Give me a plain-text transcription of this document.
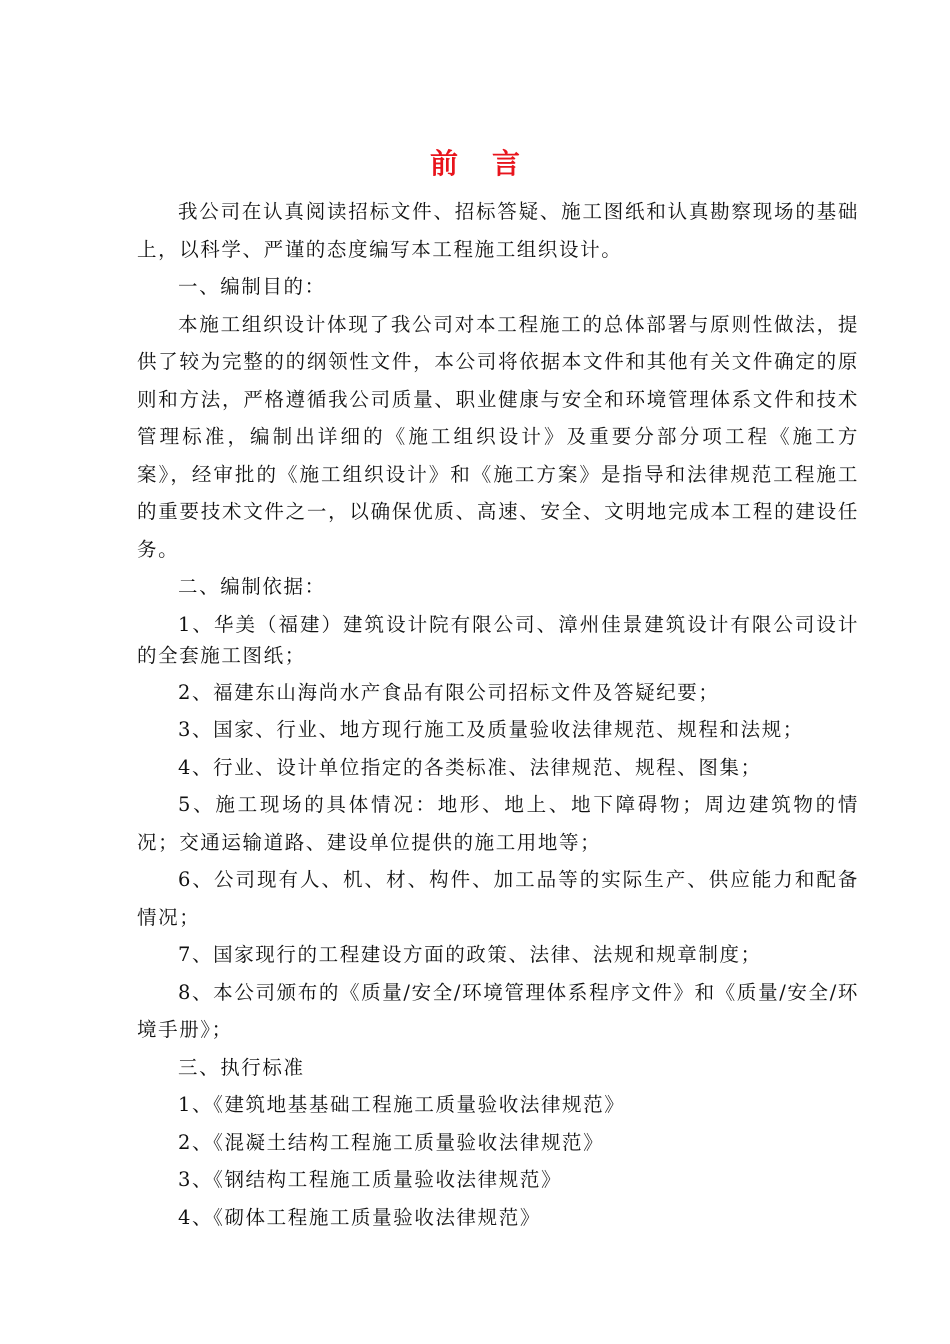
前言

我公司在认真阅读招标文件、招标答疑、施工图纸和认真勘察现场的基础上，以科学、严谨的态度编写本工程施工组织设计。

一、编制目的：

本施工组织设计体现了我公司对本工程施工的总体部署与原则性做法，提供了较为完整的的纲领性文件，本公司将依据本文件和其他有关文件确定的原则和方法，严格遵循我公司质量、职业健康与安全和环境管理体系文件和技术管理标准，编制出详细的《施工组织设计》及重要分部分项工程《施工方案》，经审批的《施工组织设计》和《施工方案》是指导和法律规范工程施工的重要技术文件之一，以确保优质、高速、安全、文明地完成本工程的建设任务。

二、编制依据：

1、华美（福建）建筑设计院有限公司、漳州佳景建筑设计有限公司设计的全套施工图纸；

2、福建东山海尚水产食品有限公司招标文件及答疑纪要；

3、国家、行业、地方现行施工及质量验收法律规范、规程和法规；

4、行业、设计单位指定的各类标准、法律规范、规程、图集；

5、施工现场的具体情况：地形、地上、地下障碍物；周边建筑物的情况；交通运输道路、建设单位提供的施工用地等；

6、公司现有人、机、材、构件、加工品等的实际生产、供应能力和配备情况；

7、国家现行的工程建设方面的政策、法律、法规和规章制度；

8、本公司颁布的《质量/安全/环境管理体系程序文件》和《质量/安全/环境手册》；

三、执行标准

1、《建筑地基基础工程施工质量验收法律规范》

2、《混凝土结构工程施工质量验收法律规范》

3、《钢结构工程施工质量验收法律规范》

4、《砌体工程施工质量验收法律规范》
